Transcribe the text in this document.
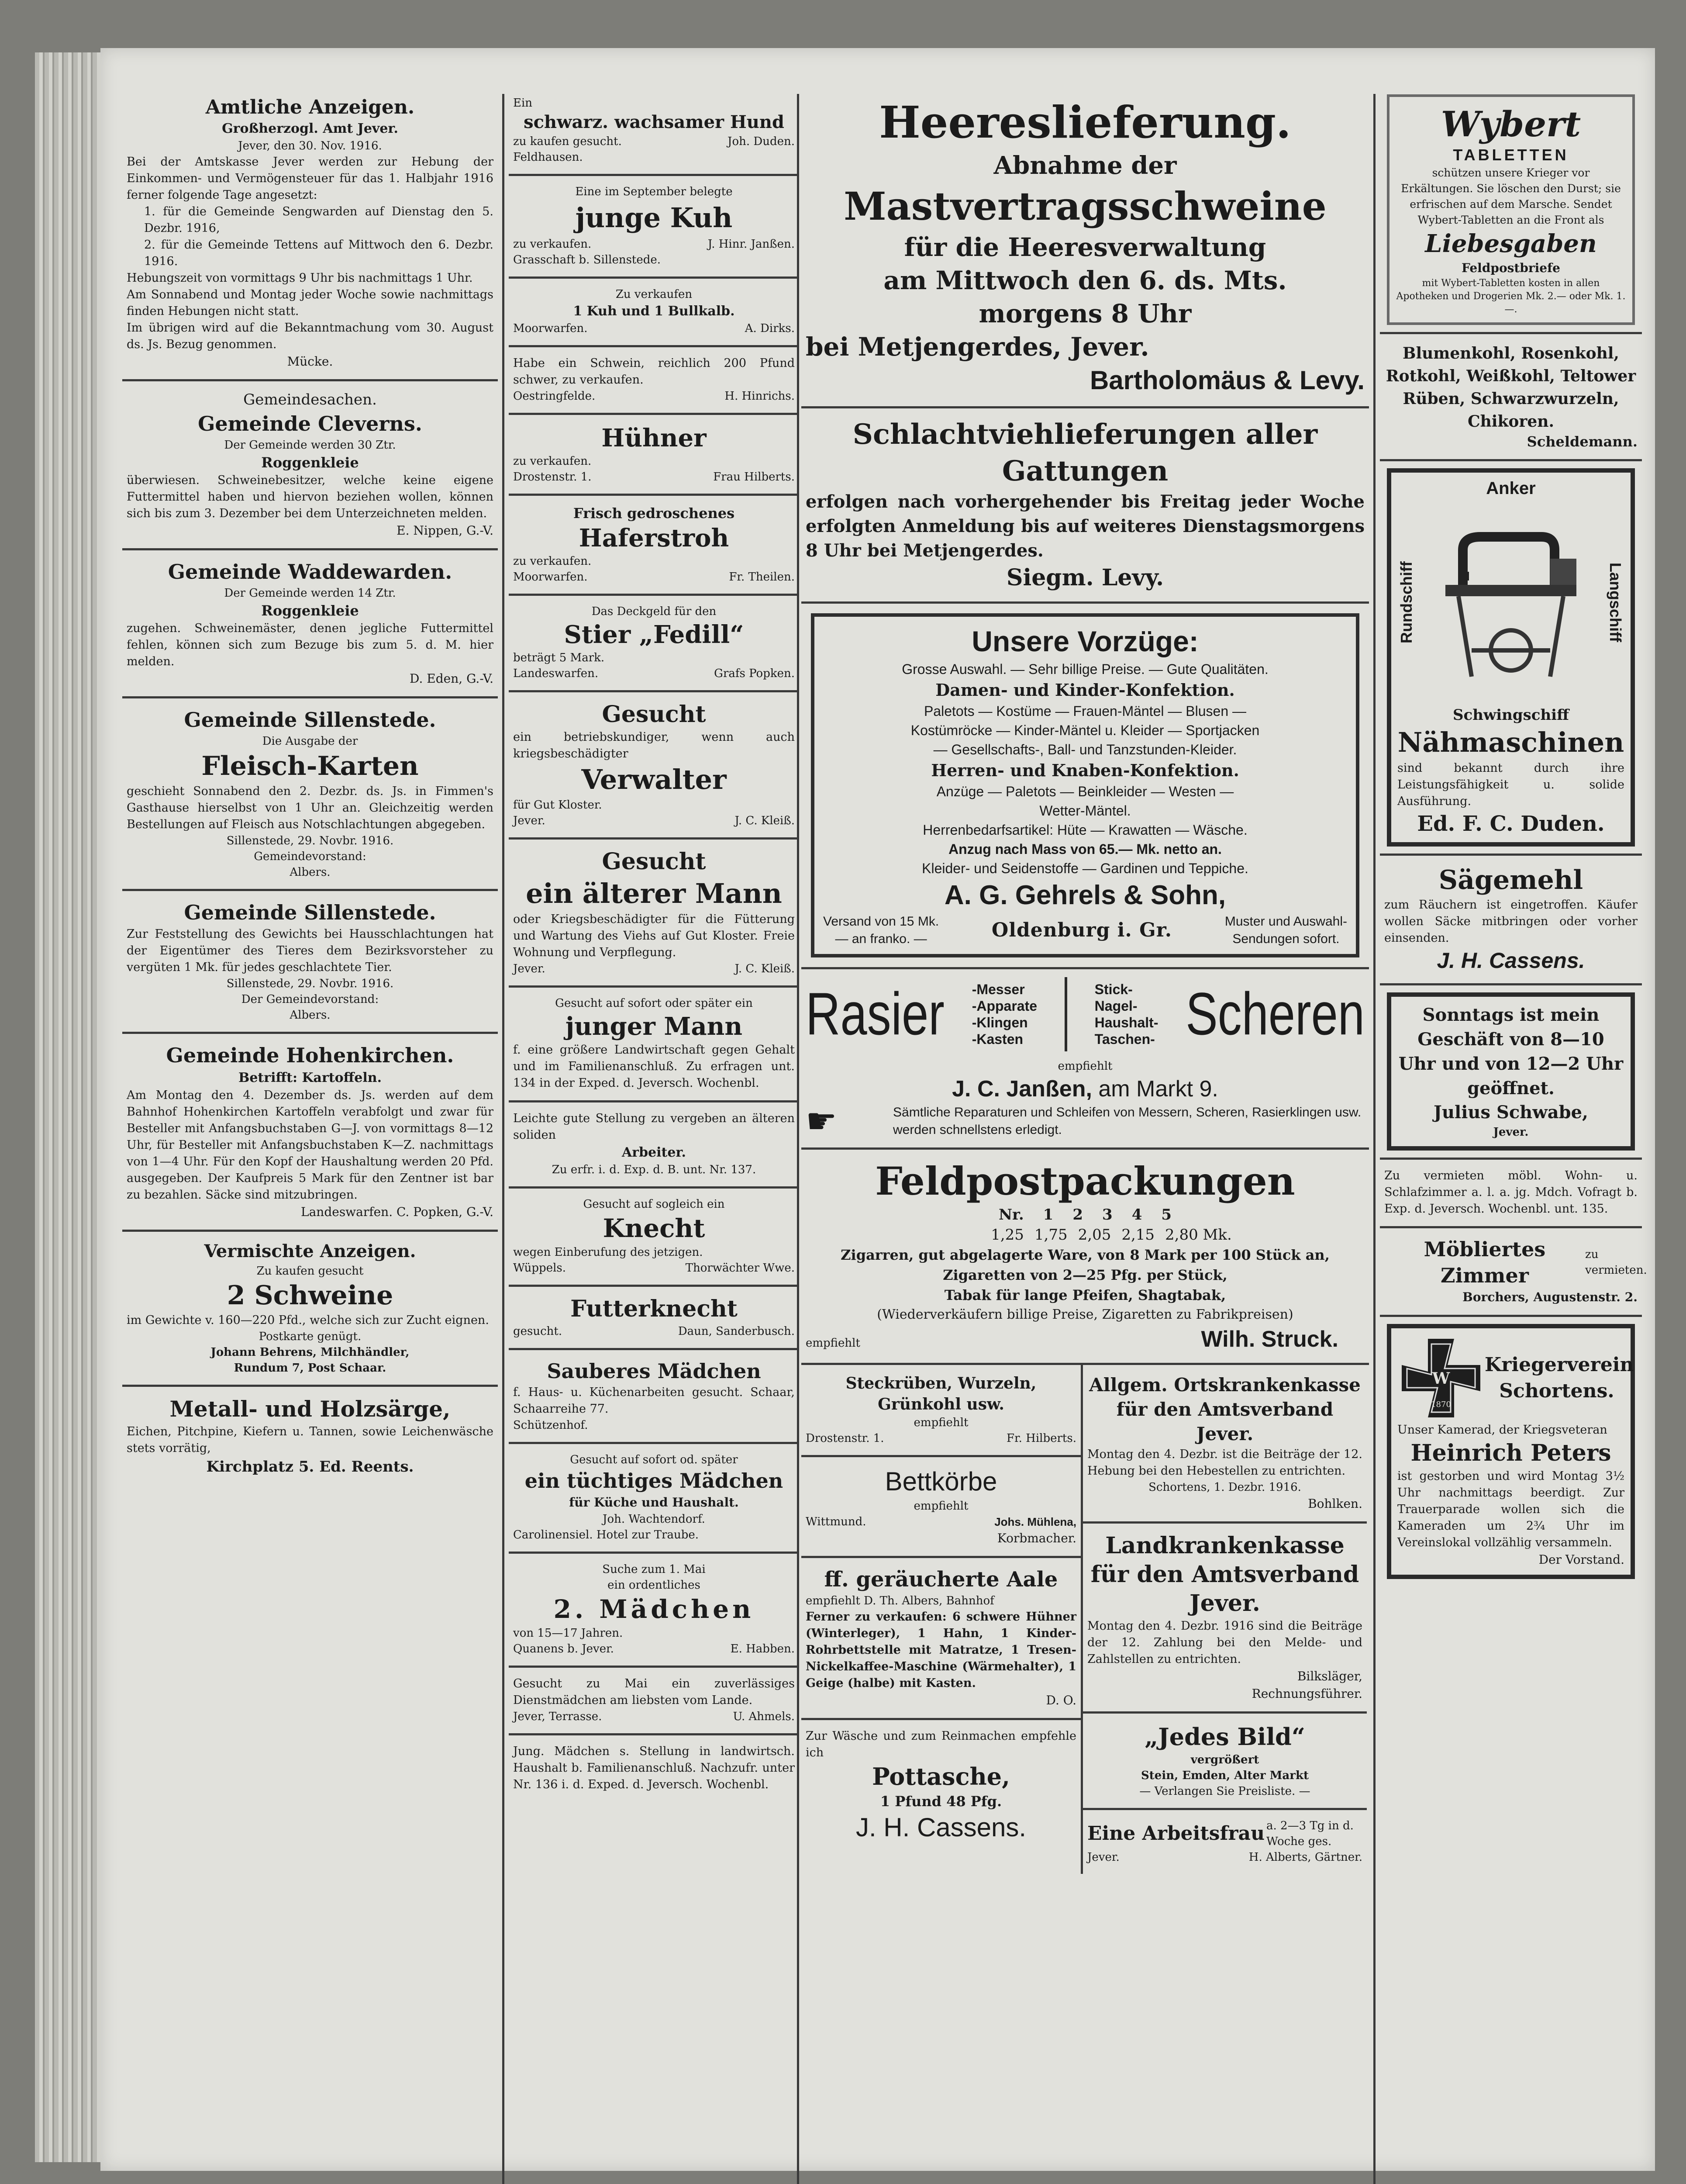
Amtliche Anzeigen.

Großherzogl. Amt Jever.

Jever, den 30. Nov. 1916.

Bei der Amtskasse Jever werden zur Hebung der Einkommen- und Vermögensteuer für das 1. Halbjahr 1916 ferner folgende Tage angesetzt:

1. für die Gemeinde Sengwarden auf Dienstag den 5. Dezbr. 1916,

2. für die Gemeinde Tettens auf Mittwoch den 6. Dezbr. 1916.

Hebungszeit von vormittags 9 Uhr bis nachmittags 1 Uhr.

Am Sonnabend und Montag jeder Woche sowie nachmittags finden Hebungen nicht statt.

Im übrigen wird auf die Bekanntmachung vom 30. August ds. Js. Bezug genommen.

Mücke.

Gemeindesachen.

Gemeinde Cleverns.

Der Gemeinde werden 30 Ztr.

Roggenkleie

überwiesen. Schweinebesitzer, welche keine eigene Futtermittel haben und hiervon beziehen wollen, können sich bis zum 3. Dezember bei dem Unterzeichneten melden.

E. Nippen, G.-V.

Gemeinde Waddewarden.

Der Gemeinde werden 14 Ztr.

Roggenkleie

zugehen. Schweinemäster, denen jegliche Futtermittel fehlen, können sich zum Bezuge bis zum 5. d. M. hier melden.

D. Eden, G.-V.

Gemeinde Sillenstede.

Die Ausgabe der

Fleisch-Karten

geschieht Sonnabend den 2. Dezbr. ds. Js. in Fimmen's Gasthause hierselbst von 1 Uhr an. Gleichzeitig werden Bestellungen auf Fleisch aus Notschlachtungen abgegeben.

Sillenstede, 29. Novbr. 1916.

Gemeindevorstand:

Albers.

Gemeinde Sillenstede.

Zur Feststellung des Gewichts bei Hausschlachtungen hat der Eigentümer des Tieres dem Bezirksvorsteher zu vergüten 1 Mk. für jedes geschlachtete Tier.

Sillenstede, 29. Novbr. 1916.

Der Gemeindevorstand:

Albers.

Gemeinde Hohenkirchen.

Betrifft: Kartoffeln.

Am Montag den 4. Dezember ds. Js. werden auf dem Bahnhof Hohenkirchen Kartoffeln verabfolgt und zwar für Besteller mit Anfangsbuchstaben G—J. von vormittags 8—12 Uhr, für Besteller mit Anfangsbuchstaben K—Z. nachmittags von 1—4 Uhr. Für den Kopf der Haushaltung werden 20 Pfd. ausgegeben. Der Kaufpreis 5 Mark für den Zentner ist bar zu bezahlen. Säcke sind mitzubringen.

Landeswarfen. C. Popken, G.-V.

Vermischte Anzeigen.

Zu kaufen gesucht

2 Schweine

im Gewichte v. 160—220 Pfd., welche sich zur Zucht eignen.

Postkarte genügt.

Johann Behrens, Milchhändler,

Rundum 7, Post Schaar.

Metall- und Holzsärge,

Eichen, Pitchpine, Kiefern u. Tannen, sowie Leichenwäsche stets vorrätig,

Kirchplatz 5. Ed. Reents.

Ein

schwarz. wachsamer Hund

zu kaufen gesucht.	Joh. Duden.

Feldhausen.

Eine im September belegte

junge Kuh

zu verkaufen.	J. Hinr. Janßen.

Grasschaft b. Sillenstede.

Zu verkaufen

1 Kuh und 1 Bullkalb.

Moorwarfen.	A. Dirks.

Habe ein Schwein, reichlich 200 Pfund schwer, zu verkaufen.

Oestringfelde.	H. Hinrichs.

Hühner

zu verkaufen.

Drostenstr. 1.	Frau Hilberts.

Frisch gedroschenes

Haferstroh

zu verkaufen.

Moorwarfen.	Fr. Theilen.

Das Deckgeld für den

Stier „Fedill“

beträgt 5 Mark.

Landeswarfen.	Grafs Popken.

Gesucht

ein betriebskundiger, wenn auch kriegsbeschädigter

Verwalter

für Gut Kloster.

Jever.	J. C. Kleiß.

Gesucht

ein älterer Mann

oder Kriegsbeschädigter für die Fütterung und Wartung des Viehs auf Gut Kloster. Freie Wohnung und Verpflegung.

Jever.	J. C. Kleiß.

Gesucht auf sofort oder später ein

junger Mann

f. eine größere Landwirtschaft gegen Gehalt und im Familienanschluß. Zu erfragen unt. 134 in der Exped. d. Jeversch. Wochenbl.

Leichte gute Stellung zu vergeben an älteren soliden

Arbeiter.

Zu erfr. i. d. Exp. d. B. unt. Nr. 137.

Gesucht auf sogleich ein

Knecht

wegen Einberufung des jetzigen.

Wüppels.	Thorwächter Wwe.

Futterknecht

gesucht.	Daun, Sanderbusch.

Sauberes Mädchen

f. Haus- u. Küchenarbeiten gesucht. Schaar, Schaarreihe 77.

Schützenhof.

Gesucht auf sofort od. später

ein tüchtiges Mädchen

für Küche und Haushalt.

Joh. Wachtendorf.

Carolinensiel. Hotel zur Traube.

Suche zum 1. Mai

ein ordentliches

2. Mädchen

von 15—17 Jahren.

Quanens b. Jever.	E. Habben.

Gesucht zu Mai ein zuverlässiges Dienstmädchen am liebsten vom Lande.

Jever, Terrasse.	U. Ahmels.

Jung. Mädchen s. Stellung in landwirtsch. Haushalt b. Familienanschluß. Nachzufr. unter Nr. 136 i. d. Exped. d. Jeversch. Wochenbl.

Heereslieferung.

Abnahme der

Mastvertragsschweine

für die Heeresverwaltung

am Mittwoch den 6. ds. Mts.

morgens 8 Uhr

bei Metjengerdes, Jever.

Bartholomäus & Levy.

Schlachtviehlieferungen aller Gattungen

erfolgen nach vorhergehender bis Freitag jeder Woche erfolgten Anmeldung bis auf weiteres Dienstagsmorgens 8 Uhr bei Metjengerdes.

Siegm. Levy.

Unsere Vorzüge:

Grosse Auswahl. — Sehr billige Preise. — Gute Qualitäten.

Damen- und Kinder-Konfektion.

Paletots — Kostüme — Frauen-Mäntel — Blusen —

Kostümröcke — Kinder-Mäntel u. Kleider — Sportjacken

— Gesellschafts-, Ball- und Tanzstunden-Kleider.

Herren- und Knaben-Konfektion.

Anzüge — Paletots — Beinkleider — Westen —

Wetter-Mäntel.

Herrenbedarfsartikel: Hüte — Krawatten — Wäsche.

Anzug nach Mass von 65.— Mk. netto an.

Kleider- und Seidenstoffe — Gardinen und Teppiche.

A. G. Gehrels & Sohn,

Versand von 15 Mk.

— an franko. —	Oldenburg i. Gr.	Muster und Auswahl-

Sendungen sofort.

Rasier -Messer

-Apparate

-Klingen

-Kasten

Stick-

Nagel-

Haushalt-

Taschen- Scheren

empfiehlt

J. C. Janßen, am Markt 9.

☛	Sämtliche Reparaturen und Schleifen von Messern, Scheren, Rasierklingen usw. werden schnellstens erledigt.

Feldpostpackungen

Nr. 1 2 3 4 5
1,25 1,75 2,05 2,15 2,80 Mk.

Zigarren, gut abgelagerte Ware, von 8 Mark per 100 Stück an,

Zigaretten von 2—25 Pfg. per Stück,

Tabak für lange Pfeifen, Shagtabak,

(Wiederverkäufern billige Preise, Zigaretten zu Fabrikpreisen)

empfiehlt	Wilh. Struck.

Steckrüben, Wurzeln, Grünkohl usw.

empfiehlt

Drostenstr. 1.	Fr. Hilberts.

Bettkörbe

empfiehlt

Wittmund.	Johs. Mühlena,

Korbmacher.

ff. geräucherte Aale

empfiehlt D. Th. Albers, Bahnhof

Ferner zu verkaufen: 6 schwere Hühner (Winterleger), 1 Hahn, 1 Kinder-Rohrbettstelle mit Matratze, 1 Tresen-Nickelkaffee-Maschine (Wärmehalter), 1 Geige (halbe) mit Kasten.

D. O.

Zur Wäsche und zum Reinmachen empfehle ich

Pottasche,

1 Pfund 48 Pfg.

J. H. Cassens.

Allgem. Ortskrankenkasse für den Amtsverband Jever.

Montag den 4. Dezbr. ist die Beiträge der 12. Hebung bei den Hebestellen zu entrichten.

Schortens, 1. Dezbr. 1916.

Bohlken.

Landkrankenkasse für den Amtsverband Jever.

Montag den 4. Dezbr. 1916 sind die Beiträge der 12. Zahlung bei den Melde- und Zahlstellen zu entrichten.

Bilksläger,

Rechnungsführer.

„Jedes Bild“

vergrößert

Stein, Emden, Alter Markt

— Verlangen Sie Preisliste. —

Eine Arbeitsfrau a. 2—3 Tg in d. Woche ges.
Jever.	H. Alberts, Gärtner.

Wybert

TABLETTEN

schützen unsere Krieger vor Erkältungen. Sie löschen den Durst; sie erfrischen auf dem Marsche. Sendet Wybert-Tabletten an die Front als

Liebesgaben

Feldpostbriefe

mit Wybert-Tabletten kosten in allen Apotheken und Drogerien Mk. 2.— oder Mk. 1.—.

Blumenkohl, Rosenkohl, Rotkohl, Weißkohl, Teltower Rüben, Schwarzwurzeln, Chikoren.

Scheldemann.

Anker

Rundschiff	Langschiff

Schwingschiff

Nähmaschinen

sind bekannt durch ihre Leistungsfähigkeit u. solide Ausführung.

Ed. F. C. Duden.

Sägemehl

zum Räuchern ist eingetroffen. Käufer wollen Säcke mitbringen oder vorher einsenden.

J. H. Cassens.

Sonntags ist mein Geschäft von 8—10 Uhr und von 12—2 Uhr geöffnet.

Julius Schwabe,

Jever.

Zu vermieten möbl. Wohn- u. Schlafzimmer a. l. a. jg. Mdch. Vofragt b. Exp. d. Jeversch. Wochenbl. unt. 135.

Möbliertes Zimmer
zu vermieten.

Borchers, Augustenstr. 2.

W
1870

Kriegerverein Schortens.

Unser Kamerad, der Kriegsveteran

Heinrich Peters

ist gestorben und wird Montag 3½ Uhr nachmittags beerdigt. Zur Trauerparade wollen sich die Kameraden um 2¾ Uhr im Vereinslokal vollzählig versammeln.

Der Vorstand.
